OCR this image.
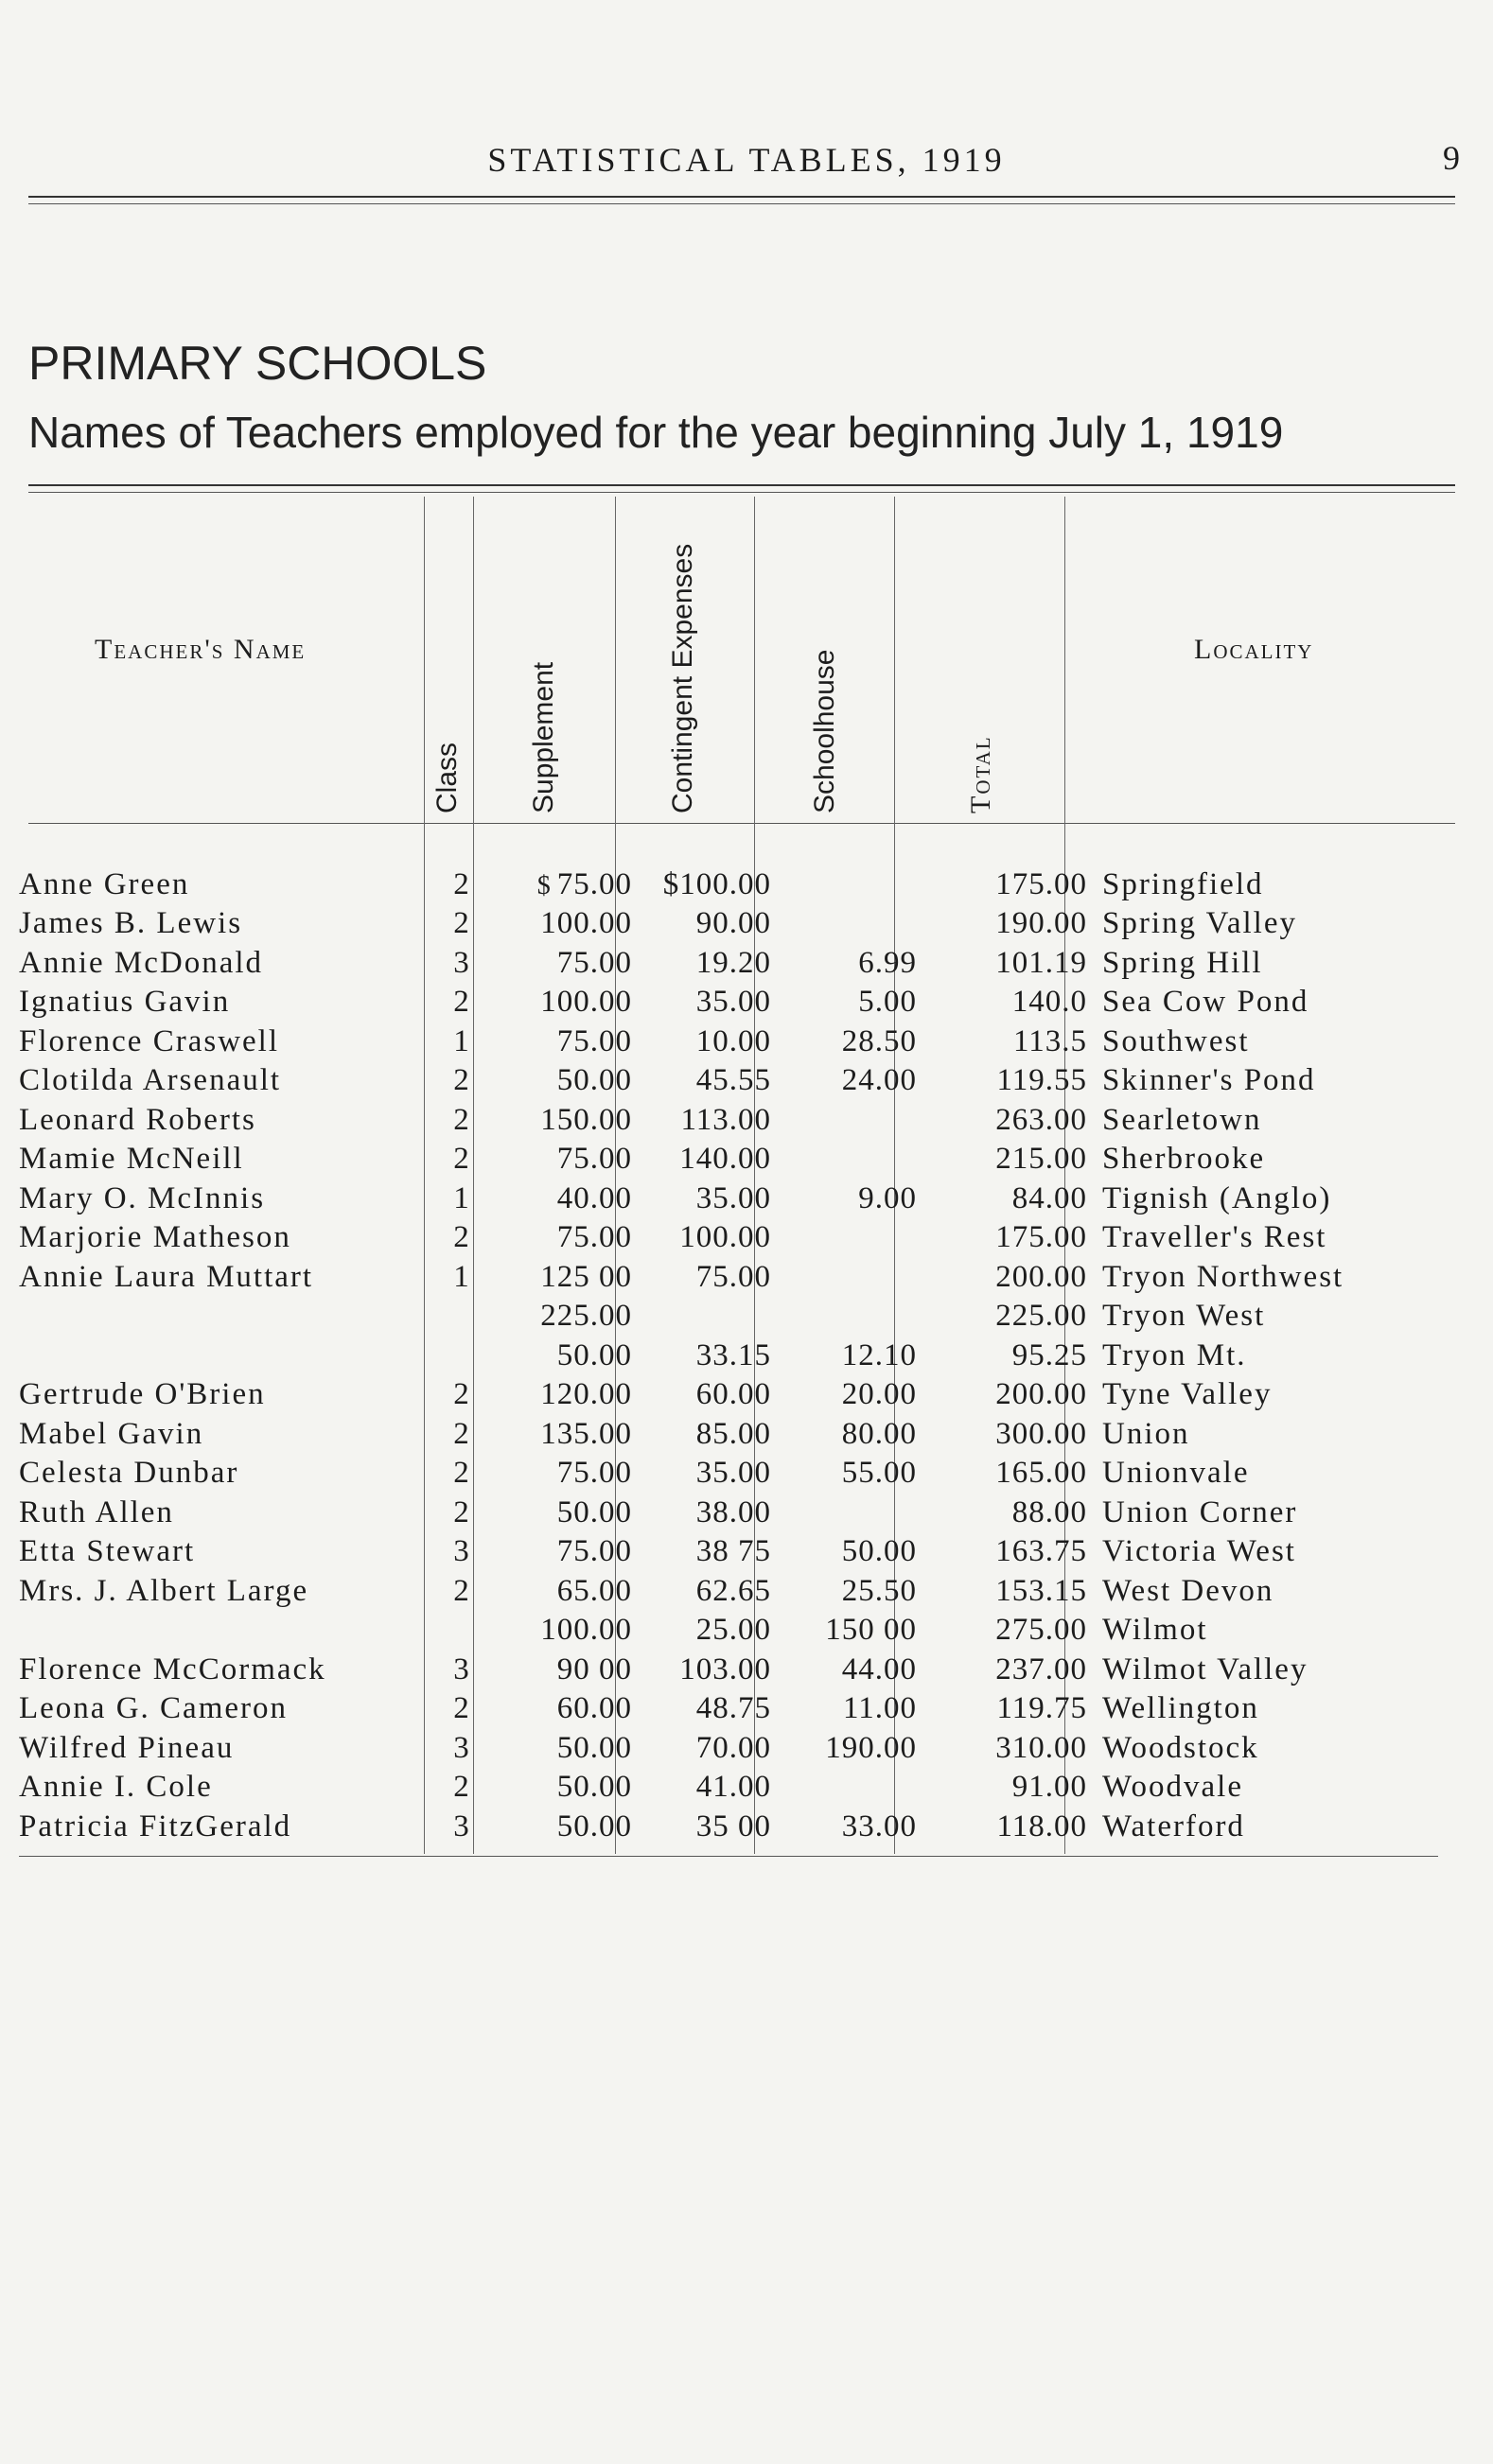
STATISTICAL TABLES, 1919	9
PRIMARY SCHOOLS
Names of Teachers employed for the year beginning July 1, 1919
Teacher's Name
Class Supplement	Contingent Expenses	Schoolhouse	Total
Locality
Anne Green	2	$ 75.00	$100.00		175.00	Springfield
James B. Lewis	2	100.00	90.00		190.00	Spring Valley
Annie McDonald	3	75.00	19.20	6.99	101.19	Spring Hill
Ignatius Gavin	2	100.00	35.00	5.00	140.0	Sea Cow Pond
Florence Craswell	1	75.00	10.00	28.50	113.5	Southwest
Clotilda Arsenault	2	50.00	45.55	24.00	119.55	Skinner's Pond
Leonard Roberts	2	150.00	113.00		263.00	Searletown
Mamie McNeill	2	75.00	140.00		215.00	Sherbrooke
Mary O. McInnis	1	40.00	35.00	9.00	84.00	Tignish (Anglo)
Marjorie Matheson	2	75.00	100.00		175.00	Traveller's Rest
Annie Laura Muttart	1	125 00	75.00		200.00	Tryon Northwest
		225.00			225.00	Tryon West
		50.00	33.15	12.10	95.25	Tryon Mt.
Gertrude O'Brien	2	120.00	60.00	20.00	200.00	Tyne Valley
Mabel Gavin	2	135.00	85.00	80.00	300.00	Union
Celesta Dunbar	2	75.00	35.00	55.00	165.00	Unionvale
Ruth Allen	2	50.00	38.00		88.00	Union Corner
Etta Stewart	3	75.00	38 75	50.00	163.75	Victoria West
Mrs. J. Albert Large	2	65.00	62.65	25.50	153.15	West Devon
		100.00	25.00	150 00	275.00	Wilmot
Florence McCormack	3	90 00	103.00	44.00	237.00	Wilmot Valley
Leona G. Cameron	2	60.00	48.75	11.00	119.75	Wellington
Wilfred Pineau	3	50.00	70.00	190.00	310.00	Woodstock
Annie I. Cole	2	50.00	41.00		91.00	Woodvale
Patricia FitzGerald	3	50.00	35 00	33.00	118.00	Waterford
